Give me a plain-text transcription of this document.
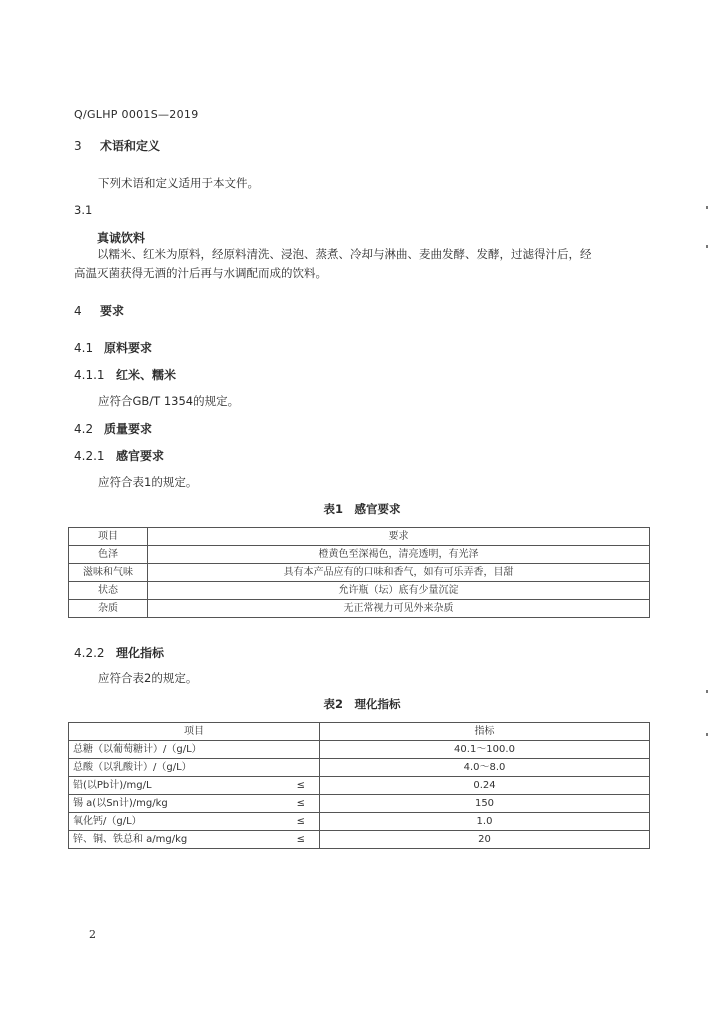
Q/GLHP 0001S—2019
3 术语和定义
下列术语和定义适用于本文件。
3.1
真诚饮料
以糯米、红米为原料，经原料清洗、浸泡、蒸煮、冷却与淋曲、麦曲发酵、发酵，过滤得汁后，经
高温灭菌获得无酒的汁后再与水调配而成的饮料。
4 要求
4.1 原料要求
4.1.1 红米、糯米
应符合GB/T 1354的规定。
4.2 质量要求
4.2.1 感官要求
应符合表1的规定。
表1　感官要求
项目	要求
色泽	橙黄色至深褐色，清亮透明，有光泽
滋味和气味	具有本产品应有的口味和香气，如有可乐弄香，目甜
状态	允许瓶（坛）底有少量沉淀
杂质	无正常视力可见外来杂质
4.2.2 理化指标
应符合表2的规定。
表2　理化指标
项目	指标
总糖（以葡萄糖计）/（g/L）	40.1～100.0
总酸（以乳酸计）/（g/L）	4.0～8.0
铅(以Pb计)/mg/L ≤	0.24
锡 a(以Sn计)/mg/kg ≤	150
氧化钙/（g/L） ≤	1.0
锌、铜、铁总和 a/mg/kg ≤	20
2
